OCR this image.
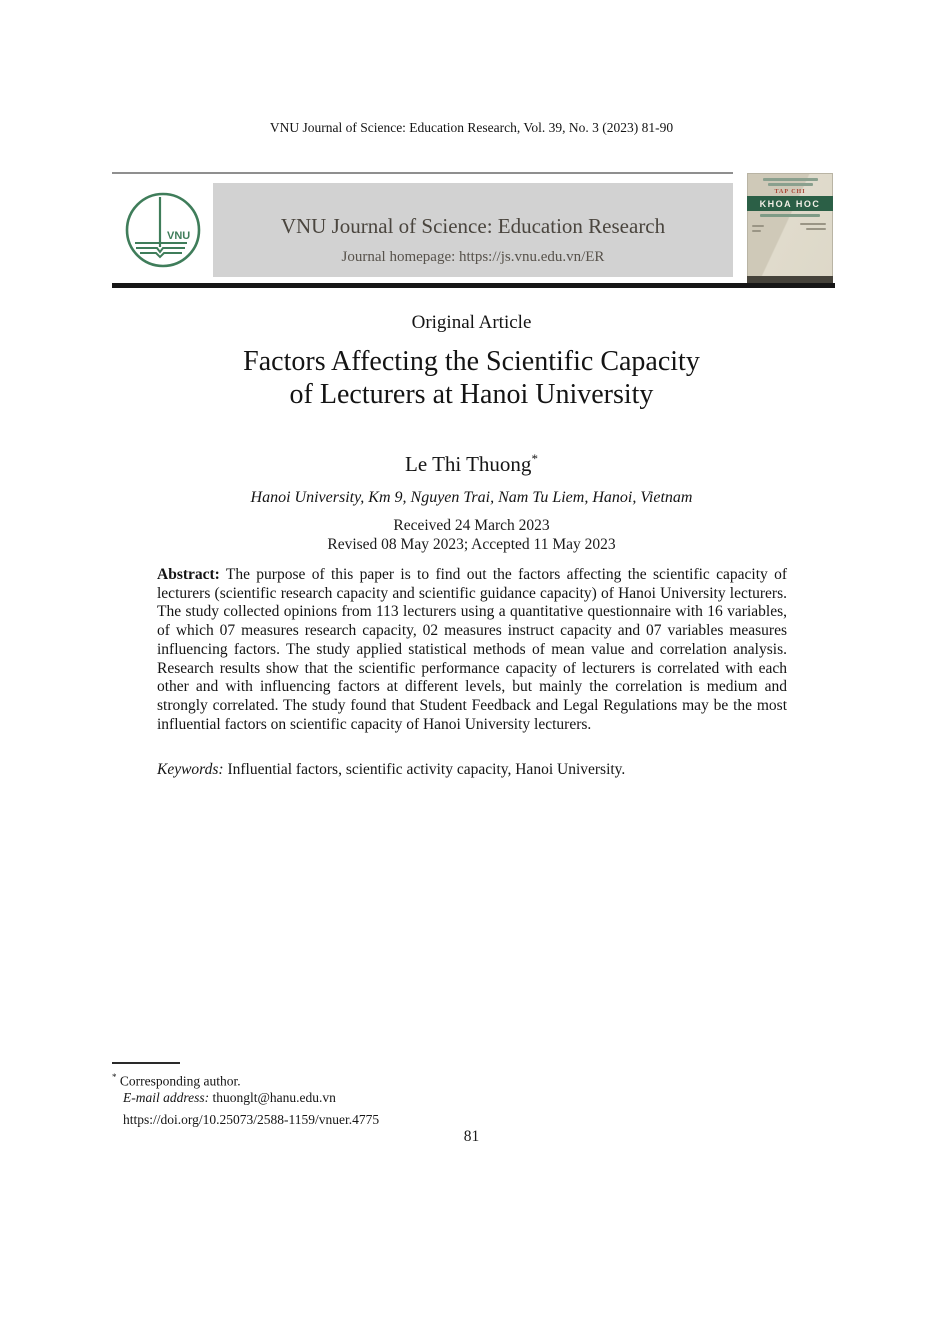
VNU Journal of Science: Education Research, Vol. 39, No. 3 (2023) 81-90
VNU	VNU Journal of Science: Education Research
Journal homepage: https://js.vnu.edu.vn/ER
TAP CHI
KHOA HOC
Original Article
Factors Affecting the Scientific Capacity
of Lecturers at Hanoi University
Le Thi Thuong*
Hanoi University, Km 9, Nguyen Trai, Nam Tu Liem, Hanoi, Vietnam
Received 24 March 2023
Revised 08 May 2023; Accepted 11 May 2023
Abstract: The purpose of this paper is to find out the factors affecting the scientific capacity of lecturers (scientific research capacity and scientific guidance capacity) of Hanoi University lecturers. The study collected opinions from 113 lecturers using a quantitative questionnaire with 16 variables, of which 07 measures research capacity, 02 measures instruct capacity and 07 variables measures influencing factors. The study applied statistical methods of mean value and correlation analysis. Research results show that the scientific performance capacity of lecturers is correlated with each other and with influencing factors at different levels, but mainly the correlation is medium and strongly correlated. The study found that Student Feedback and Legal Regulations may be the most influential factors on scientific capacity of Hanoi University lecturers.
Keywords: Influential factors, scientific activity capacity, Hanoi University.
* Corresponding author.
E-mail address: thuonglt@hanu.edu.vn
https://doi.org/10.25073/2588-1159/vnuer.4775
81
